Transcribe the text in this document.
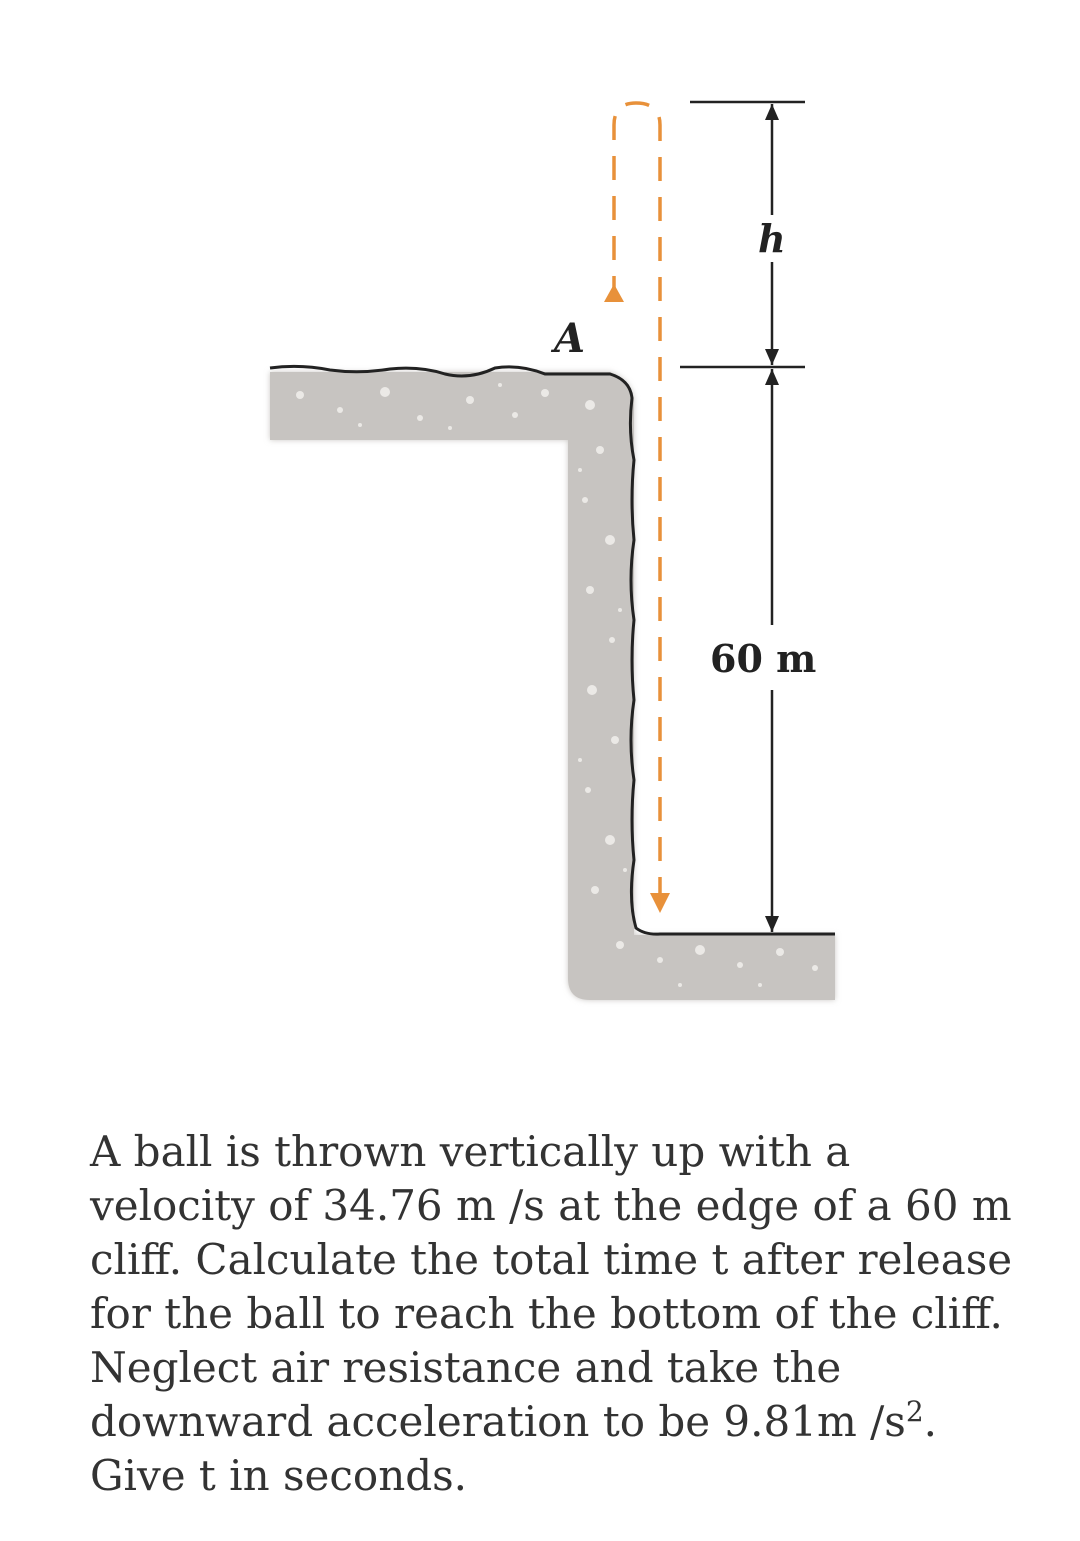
A
h
60 m
A ball is thrown vertically up with a
velocity of 34.76 m /s at the edge of a 60 m
cliff. Calculate the total time t after release
for the ball to reach the bottom of the cliff.
Neglect air resistance and take the
downward acceleration to be 9.81m $/s^2$.
Give t in seconds.
